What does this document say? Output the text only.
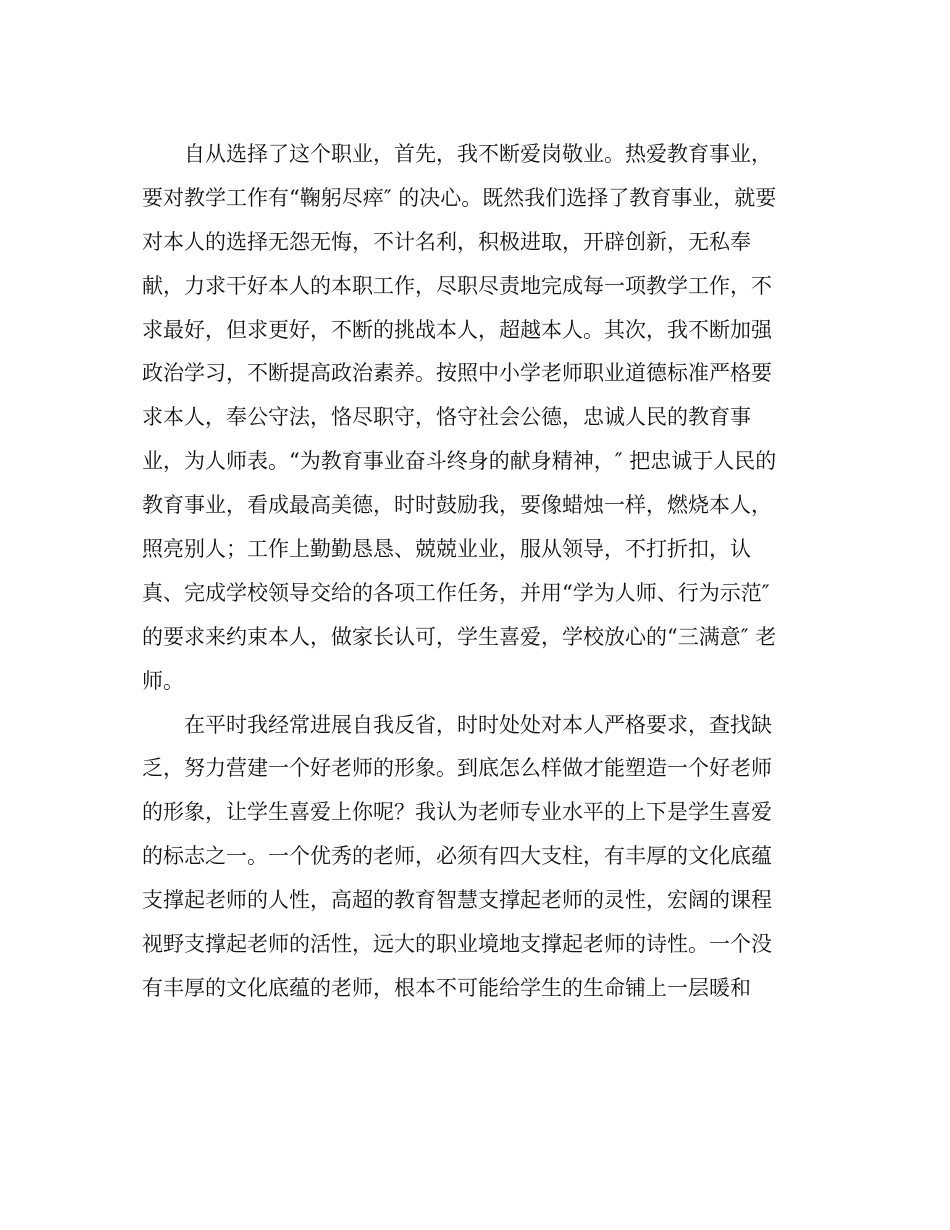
自从选择了这个职业，首先，我不断爱岗敬业。热爱教育事业，
要对教学工作有“鞠躬尽瘁″ 的决心。既然我们选择了教育事业，就要
对本人的选择无怨无悔，不计名利，积极进取，开辟创新，无私奉
献，力求干好本人的本职工作，尽职尽责地完成每一项教学工作，不
求最好，但求更好，不断的挑战本人，超越本人。其次，我不断加强
政治学习，不断提高政治素养。按照中小学老师职业道德标准严格要
求本人，奉公守法，恪尽职守，恪守社会公德，忠诚人民的教育事
业，为人师表。“为教育事业奋斗终身的献身精神，″ 把忠诚于人民的
教育事业，看成最高美德，时时鼓励我，要像蜡烛一样，燃烧本人，
照亮别人；工作上勤勤恳恳、兢兢业业，服从领导，不打折扣，认
真、完成学校领导交给的各项工作任务，并用“学为人师、行为示范″
的要求来约束本人，做家长认可，学生喜爱，学校放心的“三满意″ 老
师。
在平时我经常进展自我反省，时时处处对本人严格要求，查找缺
乏，努力营建一个好老师的形象。到底怎么样做才能塑造一个好老师
的形象，让学生喜爱上你呢？我认为老师专业水平的上下是学生喜爱
的标志之一。一个优秀的老师，必须有四大支柱，有丰厚的文化底蕴
支撑起老师的人性，高超的教育智慧支撑起老师的灵性，宏阔的课程
视野支撑起老师的活性，远大的职业境地支撑起老师的诗性。一个没
有丰厚的文化底蕴的老师，根本不可能给学生的生命铺上一层暖和
